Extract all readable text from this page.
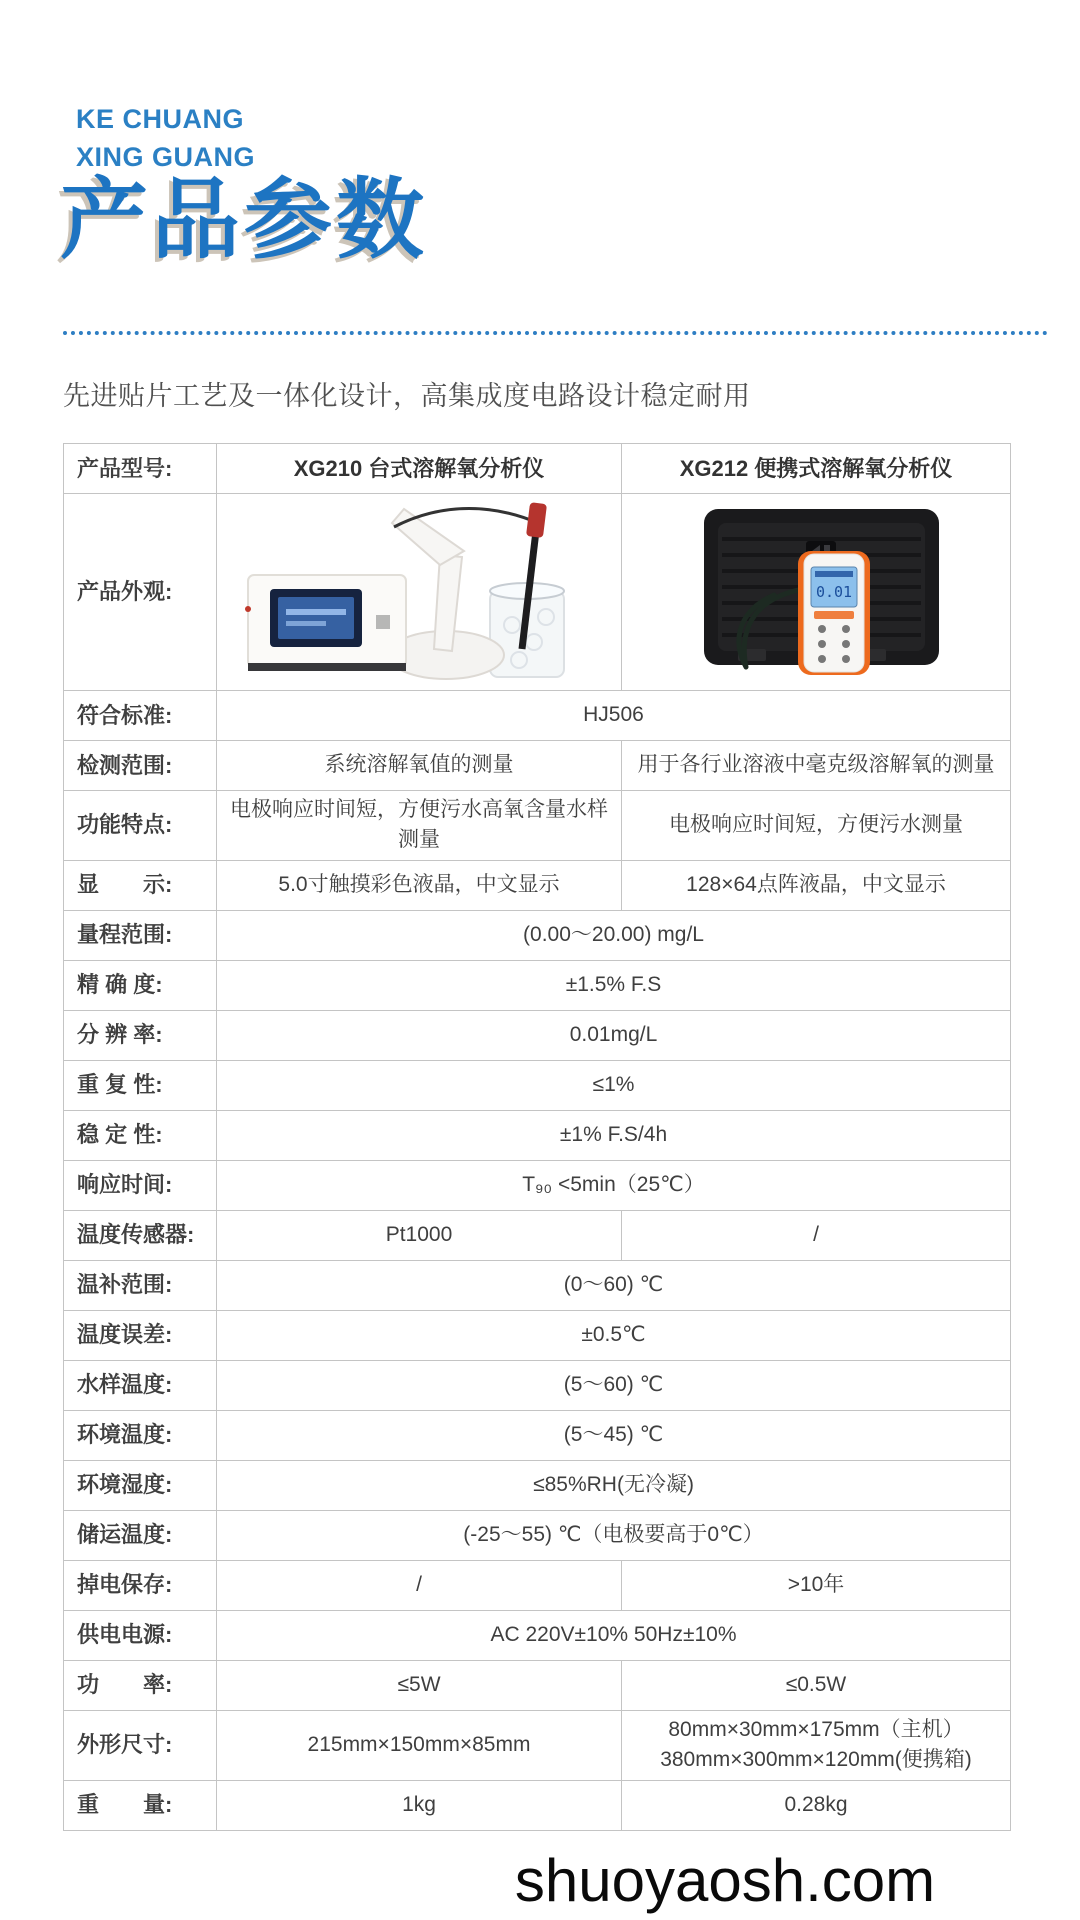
KE CHUANG
XING GUANG
产品参数
先进贴片工艺及一体化设计，高集成度电路设计稳定耐用
产品型号:	XG210 台式溶解氧分析仪	XG212 便携式溶解氧分析仪
产品外观:		0.01

符合标准:	HJ506	
检测范围:	系统溶解氧值的测量	用于各行业溶液中毫克级溶解氧的测量
功能特点:	电极响应时间短，方便污水高氧含量水样测量	电极响应时间短，方便污水测量
显　　示:	5.0寸触摸彩色液晶，中文显示	128×64点阵液晶，中文显示
量程范围:	(0.00～20.00) mg/L	
精 确 度:	±1.5% F.S	
分 辨 率:	0.01mg/L	
重 复 性:	≤1%	
稳 定 性:	±1% F.S/4h	
响应时间:	T₉₀ <5min（25℃）	
温度传感器:	Pt1000	/
温补范围:	(0～60) ℃	
温度误差:	±0.5℃	
水样温度:	(5～60) ℃	
环境温度:	(5～45) ℃	
环境湿度:	≤85%RH(无冷凝)	
储运温度:	(-25～55) ℃（电极要高于0℃）	
掉电保存:	/	>10年
供电电源:	AC 220V±10% 50Hz±10%	
功　　率:	≤5W	≤0.5W
外形尺寸:	215mm×150mm×85mm	80mm×30mm×175mm（主机）
380mm×300mm×120mm(便携箱)
重　　量:	1kg	0.28kg
shuoyaosh.com
